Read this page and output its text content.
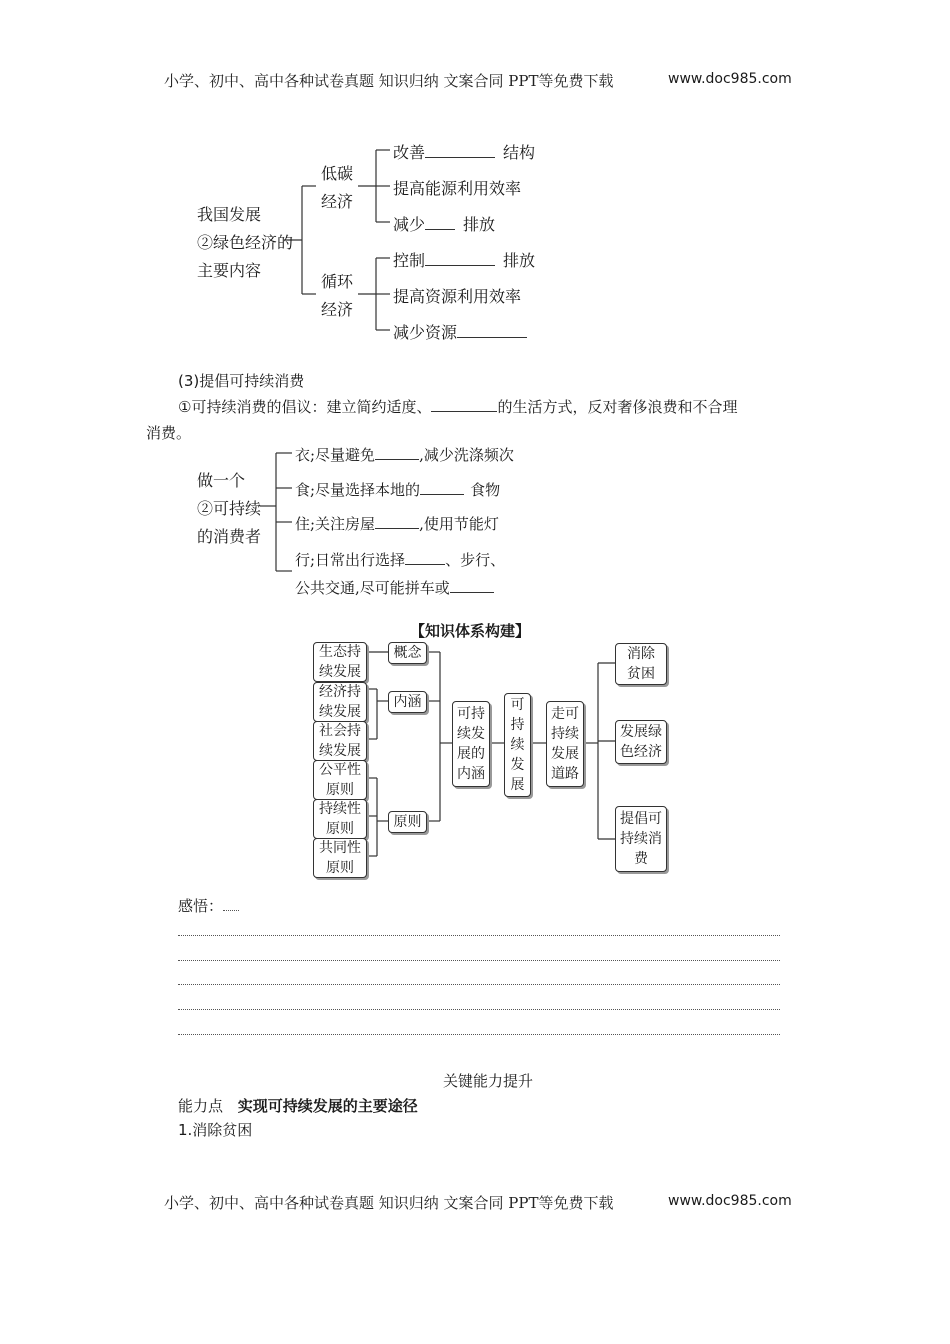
小学、初中、高中各种试卷真题 知识归纳 文案合同 PPT等免费下载	www.doc985.com
我国发展
②绿色经济的
主要内容
低碳
经济
循环
经济
改善	结构
提高能源利用效率
减少 排放
控制	排放
提高资源利用效率
减少资源
(3)提倡可持续消费
①可持续消费的倡议：建立简约适度、	的生活方式，反对奢侈浪费和不合理
消费。
做一个
②可持续
的消费者
衣;尽量避免	,减少洗涤频次
食;尽量选择本地的	食物
住;关注房屋	,使用节能灯
行;日常出行选择	、步行、
公共交通,尽可能拼车或
【知识体系构建】
生态持
续发展
经济持
续发展
社会持
续发展
公平性
原则
持续性
原则
共同性
原则
概念
内涵
原则
可持
续发
展的
内涵
可
持
续
发
展
走可
持续
发展
道路
消除
贫困
发展绿
色经济
提倡可
持续消
费
感悟：
关键能力提升
能力点 实现可持续发展的主要途径
1.消除贫困
小学、初中、高中各种试卷真题 知识归纳 文案合同 PPT等免费下载	www.doc985.com
